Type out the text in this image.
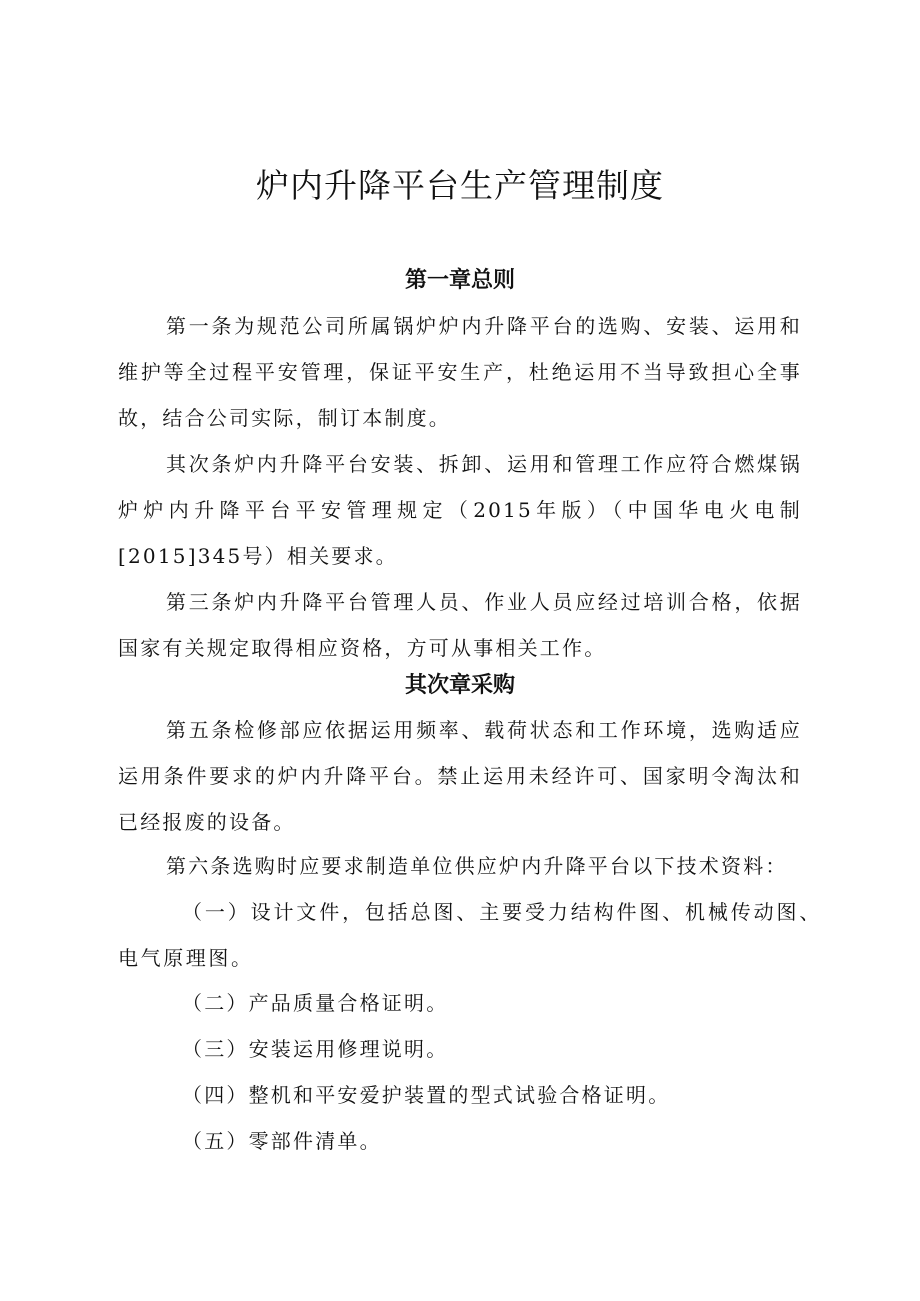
炉内升降平台生产管理制度
第一章总则

第一条为规范公司所属锅炉炉内升降平台的选购、安装、运用和维护等全过程平安管理，保证平安生产，杜绝运用不当导致担心全事故，结合公司实际，制订本制度。

其次条炉内升降平台安装、拆卸、运用和管理工作应符合燃煤锅炉炉内升降平台平安管理规定（2015年版）（中国华电火电制[2015]345号）相关要求。

第三条炉内升降平台管理人员、作业人员应经过培训合格，依据国家有关规定取得相应资格，方可从事相关工作。

其次章采购

第五条检修部应依据运用频率、载荷状态和工作环境，选购适应运用条件要求的炉内升降平台。禁止运用未经许可、国家明令淘汰和已经报废的设备。

第六条选购时应要求制造单位供应炉内升降平台以下技术资料：

（一）设计文件，包括总图、主要受力结构件图、机械传动图、电气原理图。

（二）产品质量合格证明。

（三）安装运用修理说明。

（四）整机和平安爱护装置的型式试验合格证明。

（五）零部件清单。
